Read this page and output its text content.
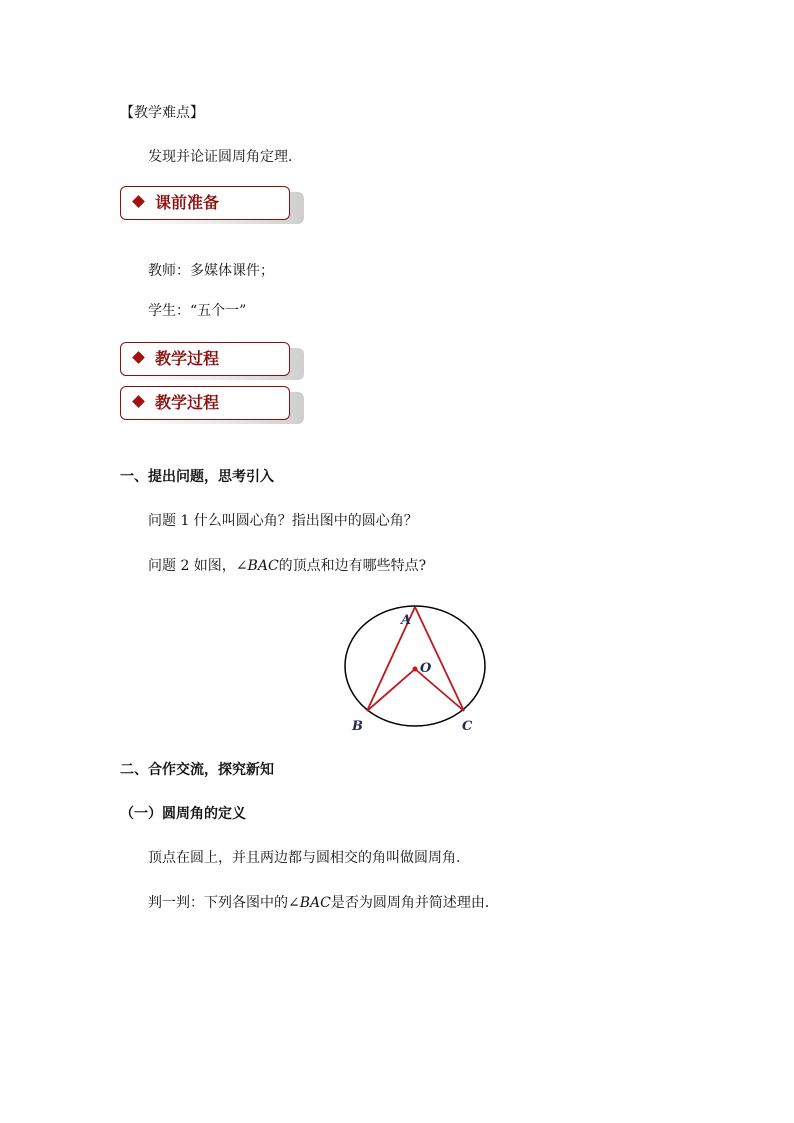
【教学难点】
发现并论证圆周角定理．
课前准备
教师：多媒体课件；
学生：“五个一”
教学过程
教学过程
一、提出问题，思考引入
问题 1 什么叫圆心角？指出图中的圆心角？
问题 2 如图，∠BAC的顶点和边有哪些特点?
A
O
B	C
二、合作交流，探究新知
（一）圆周角的定义
顶点在圆上，并且两边都与圆相交的角叫做圆周角.
判一判：下列各图中的∠BAC是否为圆周角并简述理由.
